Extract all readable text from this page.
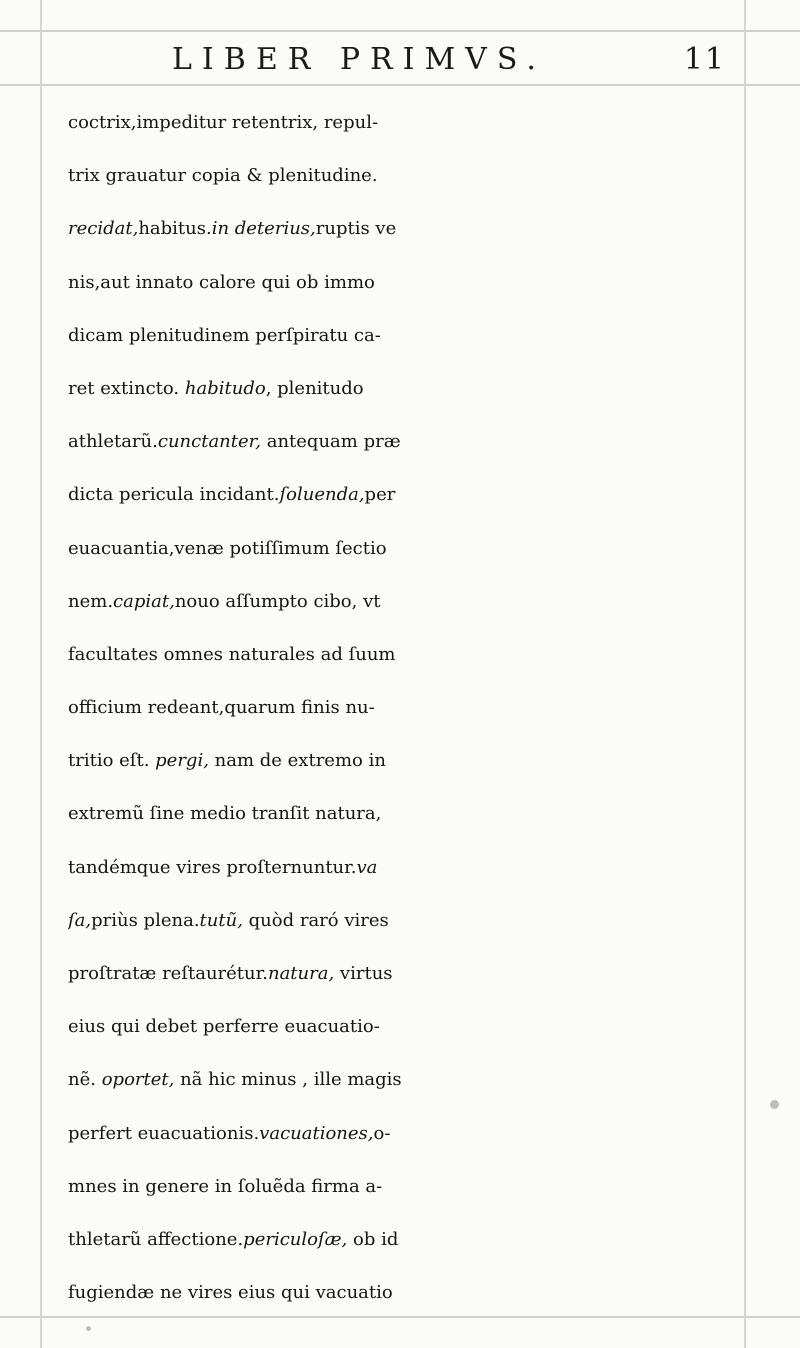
LIBER PRIMVS.	11
coctrix,impeditur retentrix, repul-
trix grauatur copia & plenitudine.
recidat,habitus.in deterius,ruptis ve
nis,aut innato calore qui ob immo
dicam plenitudinem perſpiratu ca-
ret extincto. habitudo, plenitudo
athletarũ.cunctanter, antequam præ
dicta pericula incidant.ſoluenda,per
euacuantia,venæ potiſſimum ſectio
nem.capiat,nouo aſſumpto cibo, vt
facultates omnes naturales ad ſuum
officium redeant,quarum finis nu-
tritio eſt. pergi, nam de extremo in
extremũ ſine medio tranſit natura,
tandémque vires proſternuntur.va
ſa,priùs plena.tutũ, quòd raró vires
proſtratæ reſtaurétur.natura, virtus
eius qui debet perferre euacuatio-
nẽ. oportet, nã hic minus , ille magis
perfert euacuationis.vacuationes,o-
mnes in genere in ſoluẽda firma a-
thletarũ affectione.periculoſæ, ob id
fugiendæ ne vires eius qui vacuatio
